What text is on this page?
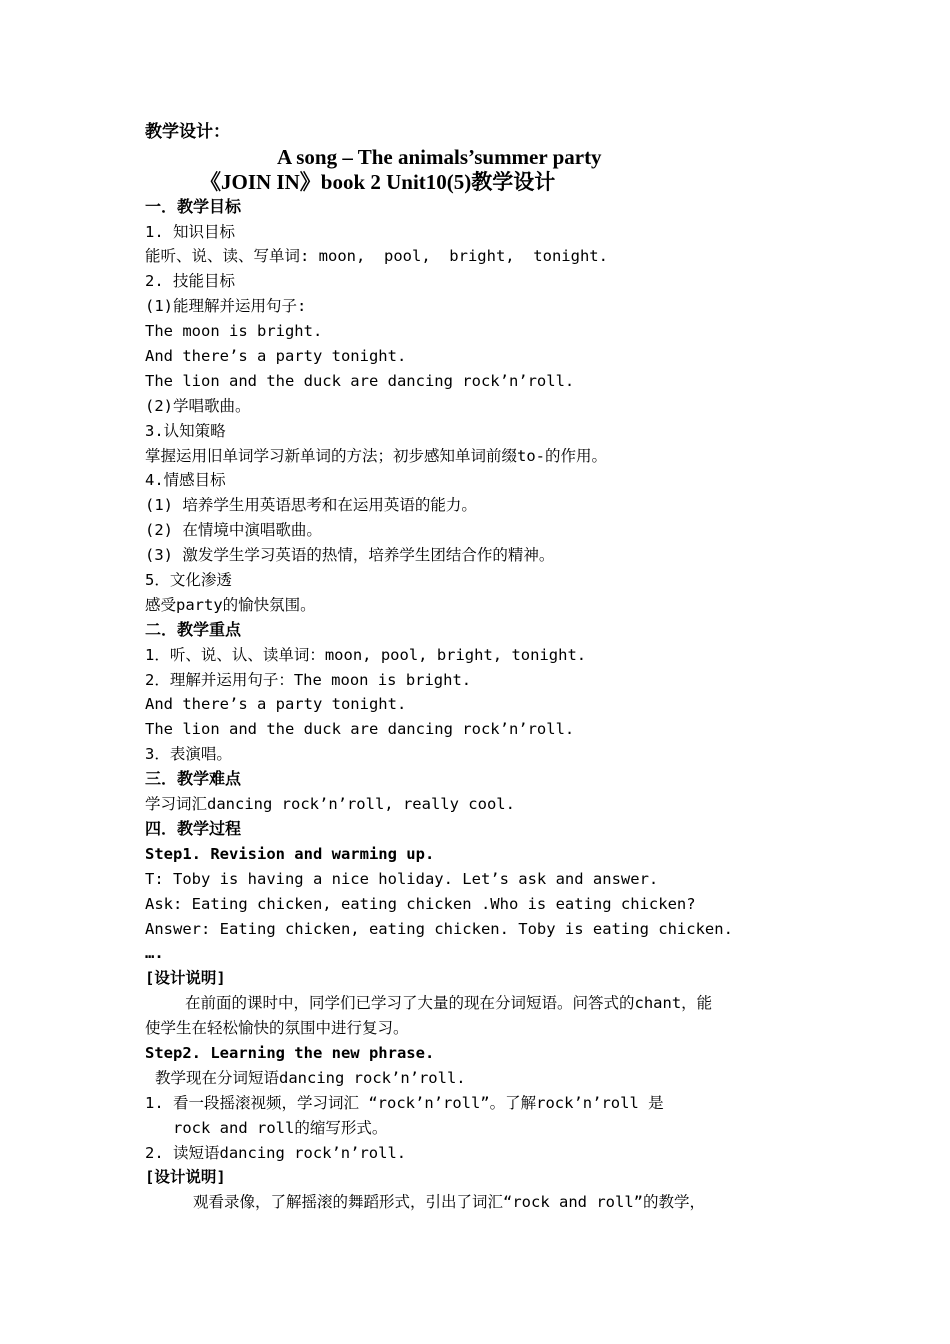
教学设计：
A song – The animals’summer party
《JOIN IN》book 2 Unit10(5)教学设计
一．教学目标
1. 知识目标
能听、说、读、写单词: moon,  pool,  bright,  tonight.
2. 技能目标
(1)能理解并运用句子:
The moon is bright.
And there’s a party tonight.
The lion and the duck are dancing rock’n’roll.
(2)学唱歌曲。
3.认知策略
掌握运用旧单词学习新单词的方法；初步感知单词前缀to-的作用。
4.情感目标
(1) 培养学生用英语思考和在运用英语的能力。
(2) 在情境中演唱歌曲。
(3) 激发学生学习英语的热情，培养学生团结合作的精神。
5．文化渗透
感受party的愉快氛围。
二．教学重点
1．听、说、认、读单词：moon, pool, bright, tonight.
2．理解并运用句子：The moon is bright.
And there’s a party tonight.
The lion and the duck are dancing rock’n’roll.
3．表演唱。
三．教学难点
学习词汇dancing rock’n’roll, really cool.
四．教学过程
Step1. Revision and warming up.
T: Toby is having a nice holiday. Let’s ask and answer.
Ask: Eating chicken, eating chicken .Who is eating chicken?
Answer: Eating chicken, eating chicken. Toby is eating chicken.
….
[设计说明]
在前面的课时中，同学们已学习了大量的现在分词短语。问答式的chant，能
使学生在轻松愉快的氛围中进行复习。
Step2. Learning the new phrase.
教学现在分词短语dancing rock’n’roll.
1. 看一段摇滚视频，学习词汇 “rock’n’roll”。了解rock’n’roll 是
rock and roll的缩写形式。
2. 读短语dancing rock’n’roll.
[设计说明]
观看录像，了解摇滚的舞蹈形式，引出了词汇“rock and roll”的教学，
